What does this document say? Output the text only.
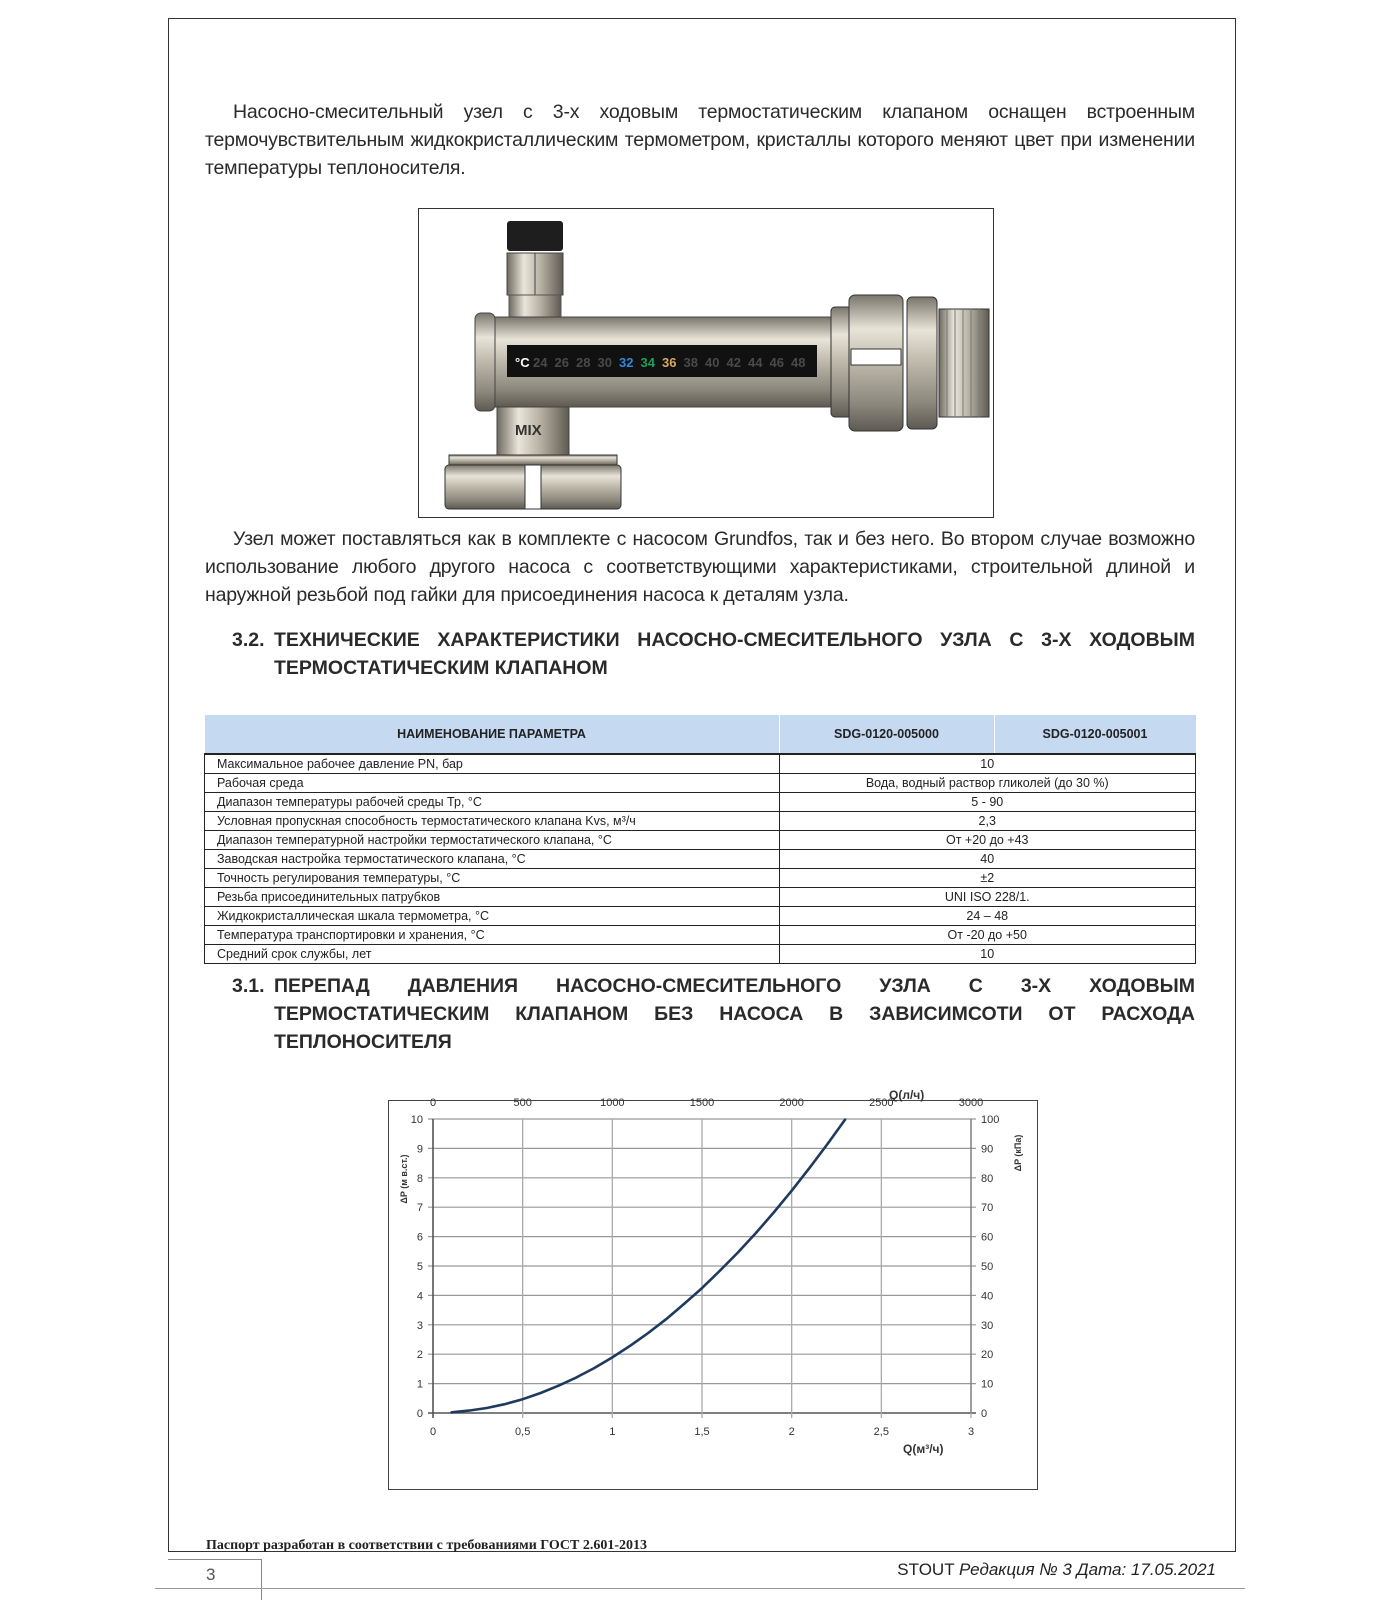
Насосно-смесительный узел с 3-х ходовым термостатическим клапаном оснащен встроенным термочувствительным жидкокристаллическим термометром, кристаллы которого меняют цвет при изменении температуры теплоносителя.

°C 24 26 28 30 32 34 36 38 40 42 44 46 48
MIX

Узел может поставляться как в комплекте с насосом Grundfos, так и без него. Во втором случае возможно использование любого другого насоса с соответствующими характеристиками, строительной длиной и наружной резьбой под гайки для присоединения насоса к деталям узла.

3.2. ТЕХНИЧЕСКИЕ ХАРАКТЕРИСТИКИ НАСОСНО-СМЕСИТЕЛЬНОГО УЗЛА С 3-Х ХОДОВЫМ ТЕРМОСТАТИЧЕСКИМ КЛАПАНОМ
НАИМЕНОВАНИЕ ПАРАМЕТРА	SDG-0120-005000	SDG-0120-005001
Максимальное рабочее давление PN, бар	10	
Рабочая среда	Вода, водный раствор гликолей (до 30 %)	
Диапазон температуры рабочей среды Тр, °С	5 - 90	
Условная пропускная способность термостатического клапана Kvs, м³/ч	2,3	
Диапазон температурной настройки термостатического клапана, °С	От +20 до +43	
Заводская настройка термостатического клапана, °С	40	
Точность регулирования температуры, °С	±2	
Резьба присоединительных патрубков	UNI ISO 228/1.	
Жидкокристаллическая шкала термометра, °С	24 – 48	
Температура транспортировки и хранения, °С	От -20 до +50	
Средний срок службы, лет	10	
3.1. ПЕРЕПАД ДАВЛЕНИЯ НАСОСНО-СМЕСИТЕЛЬНОГО УЗЛА С 3-Х ХОДОВЫМ ТЕРМОСТАТИЧЕСКИМ КЛАПАНОМ БЕЗ НАСОСА В ЗАВИСИМСОТИ ОТ РАСХОДА ТЕПЛОНОСИТЕЛЯ
0	0
1	10
2	20
3	30
4	40
5	50
6	60
7	70
8	80
9	90
10	100
0
0
0,5
500
1
1000
1,5
1500
2
2000
2,5
2500
3
3000
Q(м³/ч)
Q(л/ч)
ΔP (м в.ст.)
ΔP (кПа)
Паспорт разработан в соответствии с требованиями ГОСТ 2.601-2013
3	STOUT Редакция № 3 Дата: 17.05.2021
